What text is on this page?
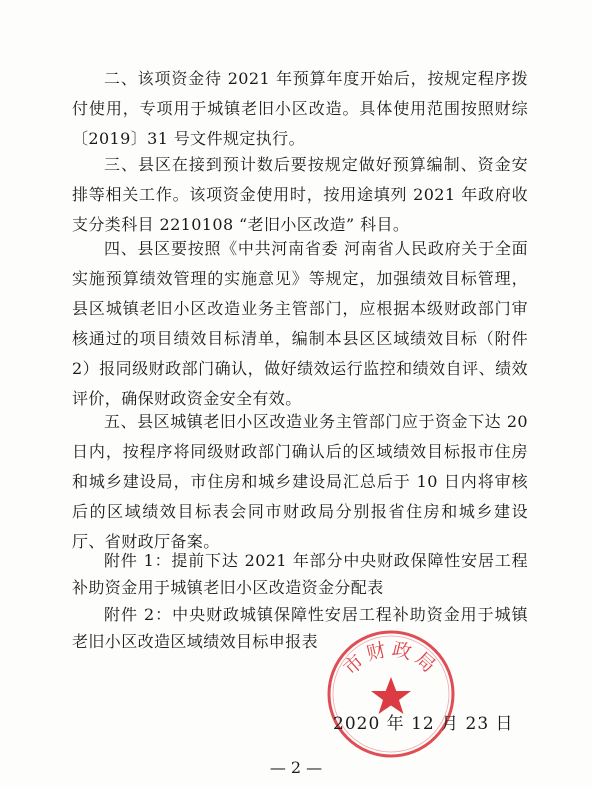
二、该项资金待 2021 年预算年度开始后，按规定程序拨付使用，专项用于城镇老旧小区改造。具体使用范围按照财综〔2019〕31 号文件规定执行。

三、县区在接到预计数后要按规定做好预算编制、资金安排等相关工作。该项资金使用时，按用途填列 2021 年政府收支分类科目 2210108 “老旧小区改造” 科目。

四、县区要按照《中共河南省委 河南省人民政府关于全面实施预算绩效管理的实施意见》等规定，加强绩效目标管理，县区城镇老旧小区改造业务主管部门，应根据本级财政部门审核通过的项目绩效目标清单，编制本县区区域绩效目标（附件 2）报同级财政部门确认，做好绩效运行监控和绩效自评、绩效评价，确保财政资金安全有效。

五、县区城镇老旧小区改造业务主管部门应于资金下达 20 日内，按程序将同级财政部门确认后的区域绩效目标报市住房和城乡建设局，市住房和城乡建设局汇总后于 10 日内将审核后的区域绩效目标表会同市财政局分别报省住房和城乡建设厅、省财政厅备案。

附件 1：提前下达 2021 年部分中央财政保障性安居工程补助资金用于城镇老旧小区改造资金分配表

附件 2：中央财政城镇保障性安居工程补助资金用于城镇老旧小区改造区域绩效目标申报表

市财政局

2020 年 12 月 23 日

— 2 —
